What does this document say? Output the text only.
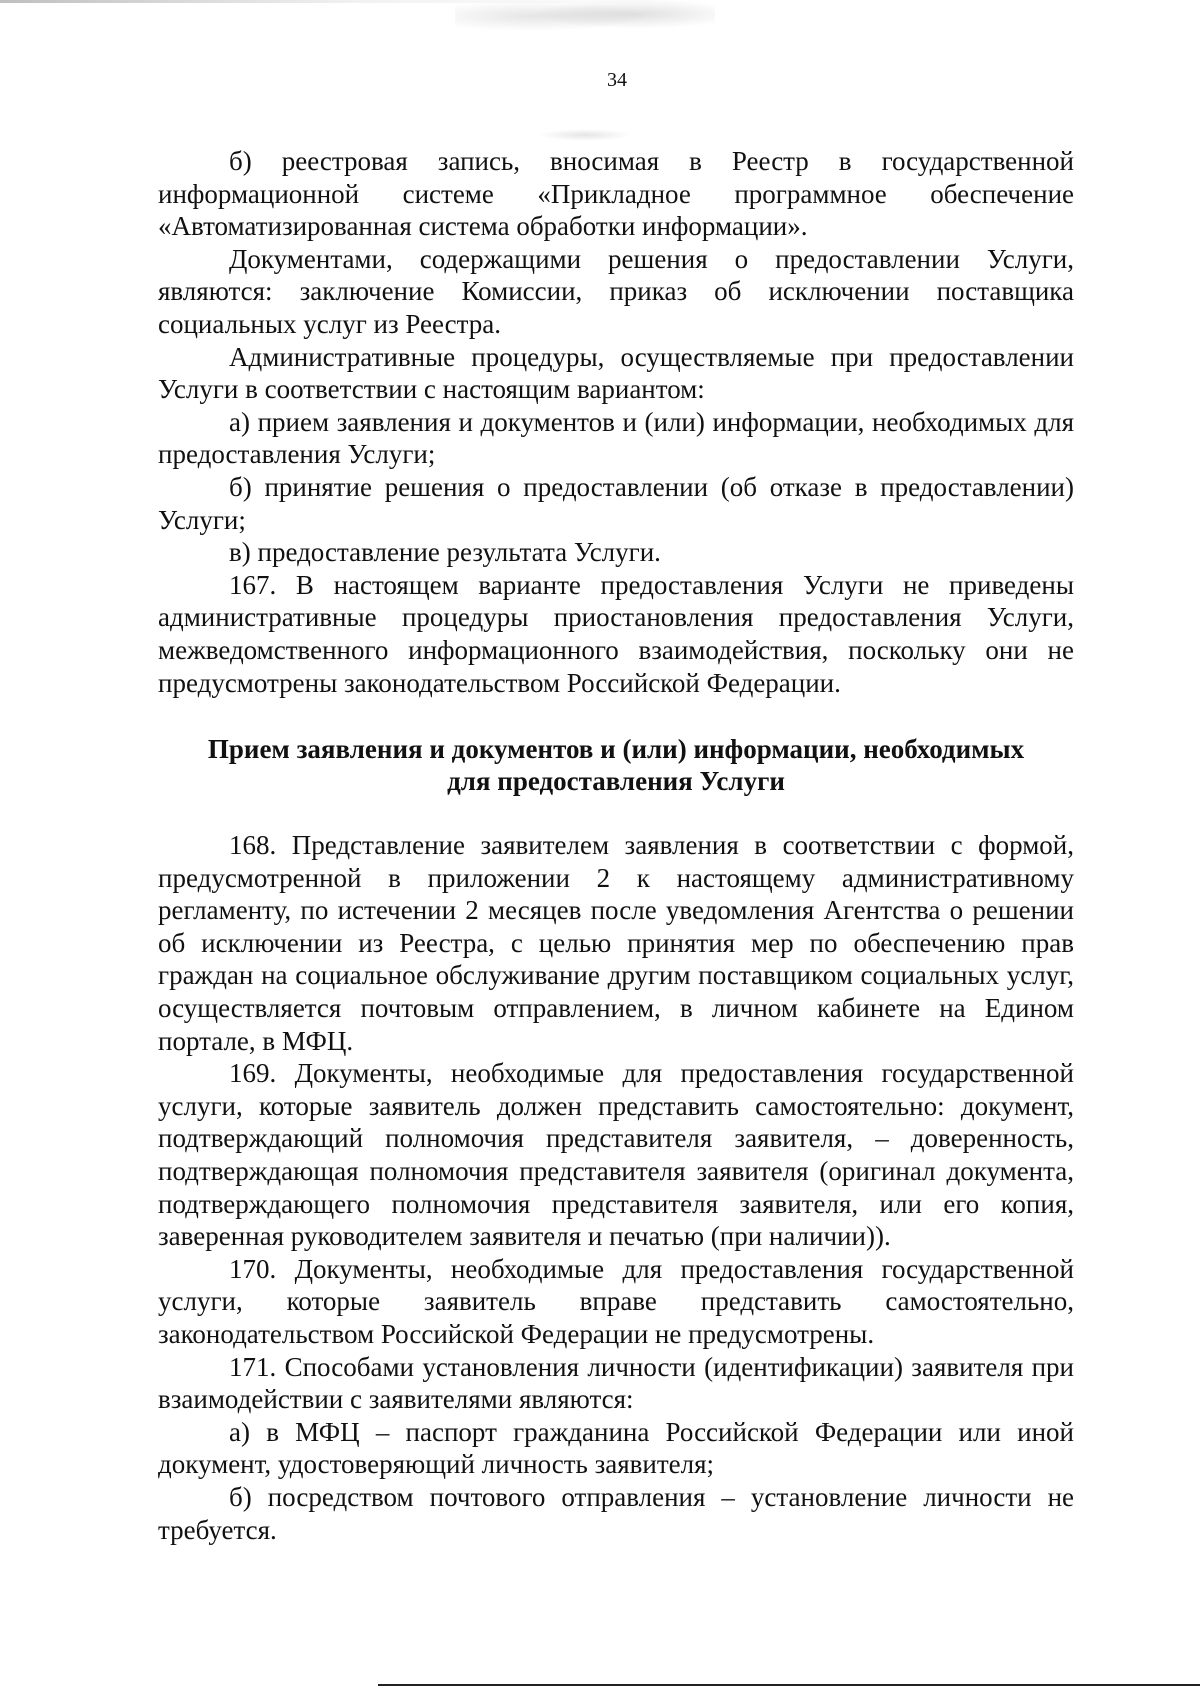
34

б) реестровая запись, вносимая в Реестр в государственной информационной системе «Прикладное программное обеспечение «Автоматизированная система обработки информации».

Документами, содержащими решения о предоставлении Услуги, являются: заключение Комиссии, приказ об исключении поставщика социальных услуг из Реестра.

Административные процедуры, осуществляемые при предоставлении Услуги в соответствии с настоящим вариантом:

а) прием заявления и документов и (или) информации, необходимых для предоставления Услуги;

б) принятие решения о предоставлении (об отказе в предоставлении) Услуги;

в) предоставление результата Услуги.

167. В настоящем варианте предоставления Услуги не приведены административные процедуры приостановления предоставления Услуги, межведомственного информационного взаимодействия, поскольку они не предусмотрены законодательством Российской Федерации.

Прием заявления и документов и (или) информации, необходимых
для предоставления Услуги

168. Представление заявителем заявления в соответствии с формой, предусмотренной в приложении 2 к настоящему административному регламенту, по истечении 2 месяцев после уведомления Агентства о решении об исключении из Реестра, с целью принятия мер по обеспечению прав граждан на социальное обслуживание другим поставщиком социальных услуг, осуществляется почтовым отправлением, в личном кабинете на Едином портале, в МФЦ.

169. Документы, необходимые для предоставления государственной услуги, которые заявитель должен представить самостоятельно: документ, подтверждающий полномочия представителя заявителя, – доверенность, подтверждающая полномочия представителя заявителя (оригинал документа, подтверждающего полномочия представителя заявителя, или его копия, заверенная руководителем заявителя и печатью (при наличии)).

170. Документы, необходимые для предоставления государственной услуги, которые заявитель вправе представить самостоятельно, законодательством Российской Федерации не предусмотрены.

171. Способами установления личности (идентификации) заявителя при взаимодействии с заявителями являются:

а) в МФЦ – паспорт гражданина Российской Федерации или иной документ, удостоверяющий личность заявителя;

б) посредством почтового отправления – установление личности не требуется.
